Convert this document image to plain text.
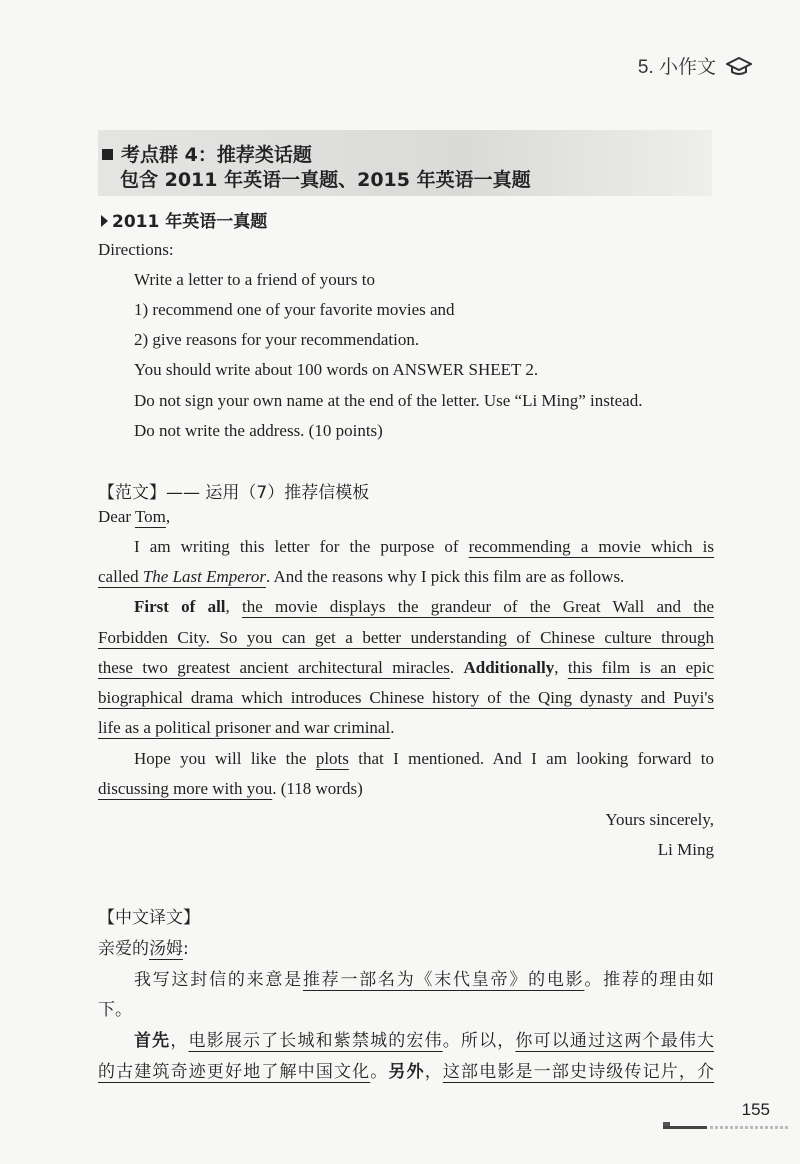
5. 小作文
考点群 4：推荐类话题
包含 2011 年英语一真题、2015 年英语一真题
2011 年英语一真题
Directions:
Write a letter to a friend of yours to
1) recommend one of your favorite movies and
2) give reasons for your recommendation.
You should write about 100 words on ANSWER SHEET 2.
Do not sign your own name at the end of the letter. Use “Li Ming” instead.
Do not write the address. (10 points)
【范文】—— 运用（7）推荐信模板
Dear Tom,
I am writing this letter for the purpose of recommending a movie which is
called The Last Emperor. And the reasons why I pick this film are as follows.
First of all, the movie displays the grandeur of the Great Wall and the
Forbidden City. So you can get a better understanding of Chinese culture through
these two greatest ancient architectural miracles. Additionally, this film is an epic
biographical drama which introduces Chinese history of the Qing dynasty and Puyi's
life as a political prisoner and war criminal.
Hope you will like the plots that I mentioned. And I am looking forward to
discussing more with you. (118 words)
Yours sincerely,
Li Ming
【中文译文】
亲爱的汤姆:
我写这封信的来意是推荐一部名为《末代皇帝》的电影。推荐的理由如
下。
首先，电影展示了长城和紫禁城的宏伟。所以，你可以通过这两个最伟大
的古建筑奇迹更好地了解中国文化。另外，这部电影是一部史诗级传记片，介
155
